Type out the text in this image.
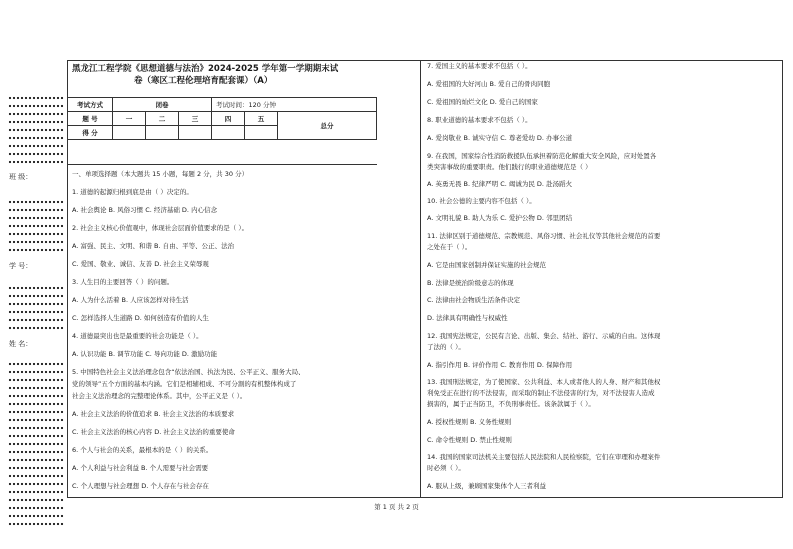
班 级：
学 号：
姓 名：
黑龙江工程学院《思想道德与法治》2024-2025 学年第一学期期末试
卷（寒区工程伦理培育配套课）（A）
考试方式	闭卷			考试时间：120 分钟		
题 号	一	二	三	四	五	总分
得 分						
一、单项选择题（本大题共 15 小题，每题 2 分，共 30 分）
1. 道德的起源归根到底是由（ ）决定的。
A. 社会舆论 B. 风俗习惯 C. 经济基础 D. 内心信念
2. 社会主义核心价值观中，体现社会层面价值要求的是（ ）。
A. 富强、民主、文明、和谐 B. 自由、平等、公正、法治
C. 爱国、敬业、诚信、友善 D. 社会主义荣辱观
3. 人生目的主要回答（ ）的问题。
A. 人为什么活着 B. 人应该怎样对待生活
C. 怎样选择人生道路 D. 如何创造有价值的人生
4. 道德最突出也是最重要的社会功能是（ ）。
A. 认识功能 B. 调节功能 C. 导向功能 D. 激励功能
5. 中国特色社会主义法治理念包含“依法治国、执法为民、公平正义、服务大局、
党的领导”五个方面的基本内涵。它们是相辅相成、不可分割的有机整体构成了
社会主义法治理念的完整理论体系。其中，公平正义是（ ）。
A. 社会主义法治的价值追求 B. 社会主义法治的本质要求
C. 社会主义法治的核心内容 D. 社会主义法治的重要使命
6. 个人与社会的关系，最根本的是（ ）的关系。
A. 个人利益与社会利益 B. 个人需要与社会需要
C. 个人理想与社会理想 D. 个人存在与社会存在
7. 爱国主义的基本要求不包括（ ）。
A. 爱祖国的大好河山 B. 爱自己的骨肉同胞
C. 爱祖国的灿烂文化 D. 爱自己的国家
8. 职业道德的基本要求不包括（ ）。
A. 爱岗敬业 B. 诚实守信 C. 尊老爱幼 D. 办事公道
9. 在我国，国家综合性消防救援队伍承担着防范化解重大安全风险，应对处置各
类突害事故的重要职责。他们践行的职业道德规范是（ ）
A. 英勇无畏 B. 纪律严明 C. 竭诚为民 D. 赴汤蹈火
10. 社会公德的主要内容不包括（ ）。
A. 文明礼貌 B. 助人为乐 C. 爱护公物 D. 邻里团结
11. 法律区别于道德规范、宗教规范、风俗习惯、社会礼仪等其他社会规范的首要
之处在于（ ）。
A. 它是由国家创制并保证实施的社会规范
B. 法律是统治阶级意志的体现
C. 法律由社会物质生活条件决定
D. 法律具有明确性与权威性
12. 我国宪法规定，公民有言论、出版、集会、结社、游行、示威的自由。这体现
了法的（ ）。
A. 指引作用 B. 评价作用 C. 教育作用 D. 保障作用
13. 我国刑法规定，为了使国家、公共利益、本人或者他人的人身、财产和其他权
利免受正在进行的不法侵害，而采取的制止不法侵害的行为，对不法侵害人造成
损害的，属于正当防卫，不负刑事责任。该条款属于（ ）。
A. 授权性规则 B. 义务性规则
C. 命令性规则 D. 禁止性规则
14. 我国的国家司法机关主要包括人民法院和人民检察院，它们在审理和办理案件
时必须（ ）。
A. 服从上级，兼顾国家集体个人三者利益
第 1 页 共 2 页
